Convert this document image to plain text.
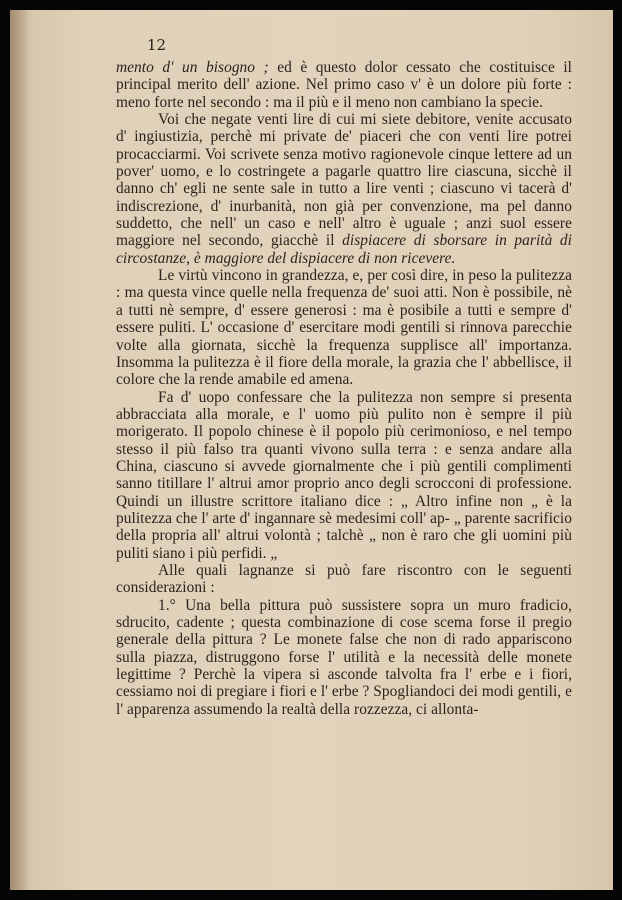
12

mento d' un bisogno ; ed è questo dolor cessato che costituisce il principal merito dell' azione. Nel primo caso v' è un dolore più forte : meno forte nel secondo : ma il più e il meno non cambiano la specie.

Voi che negate venti lire di cui mi siete debitore, venite accusato d' ingiustizia, perchè mi private de' piaceri che con venti lire potrei procacciarmi. Voi scrivete senza motivo ragionevole cinque lettere ad un pover' uomo, e lo costringete a pagarle quattro lire ciascuna, sicchè il danno ch' egli ne sente sale in tutto a lire venti ; ciascuno vi tacerà d' indiscrezione, d' inurbanità, non già per convenzione, ma pel danno suddetto, che nell' un caso e nell' altro è uguale ; anzi suol essere maggiore nel secondo, giacchè il dispiacere di sborsare in parità di circostanze, è maggiore del dispiacere di non ricevere.

Le virtù vincono in grandezza, e, per così dire, in peso la pulitezza : ma questa vince quelle nella frequenza de' suoi atti. Non è possibile, nè a tutti nè sempre, d' essere generosi : ma è posibile a tutti e sempre d' essere puliti. L' occasione d' esercitare modi gentili si rinnova parecchie volte alla giornata, sicchè la frequenza supplisce all' importanza. Insomma la pulitezza è il fiore della morale, la grazia che l' abbellisce, il colore che la rende amabile ed amena.

Fa d' uopo confessare che la pulitezza non sempre si presenta abbracciata alla morale, e l' uomo più pulito non è sempre il più morigerato. Il popolo chinese è il popolo più cerimonioso, e nel tempo stesso il più falso tra quanti vivono sulla terra : e senza andare alla China, ciascuno si avvede giornalmente che i più gentili complimenti sanno titillare l' altrui amor proprio anco degli scrocconi di professione. Quindi un illustre scrittore italiano dice : „ Altro infine non „ è la pulitezza che l' arte d' ingannare sè medesimi coll' ap- „ parente sacrificio della propria all' altrui volontà ; talchè „ non è raro che gli uomini più puliti siano i più perfidi. „

Alle quali lagnanze si può fare riscontro con le seguenti considerazioni :

1.° Una bella pittura può sussistere sopra un muro fradicio, sdrucito, cadente ; questa combinazione di cose scema forse il pregio generale della pittura ? Le monete false che non di rado appariscono sulla piazza, distruggono forse l' utilità e la necessità delle monete legittime ? Perchè la vipera si asconde talvolta fra l' erbe e i fiori, cessiamo noi di pregiare i fiori e l' erbe ? Spogliandoci dei modi gentili, e l' apparenza assumendo la realtà della rozzezza, ci allonta-
